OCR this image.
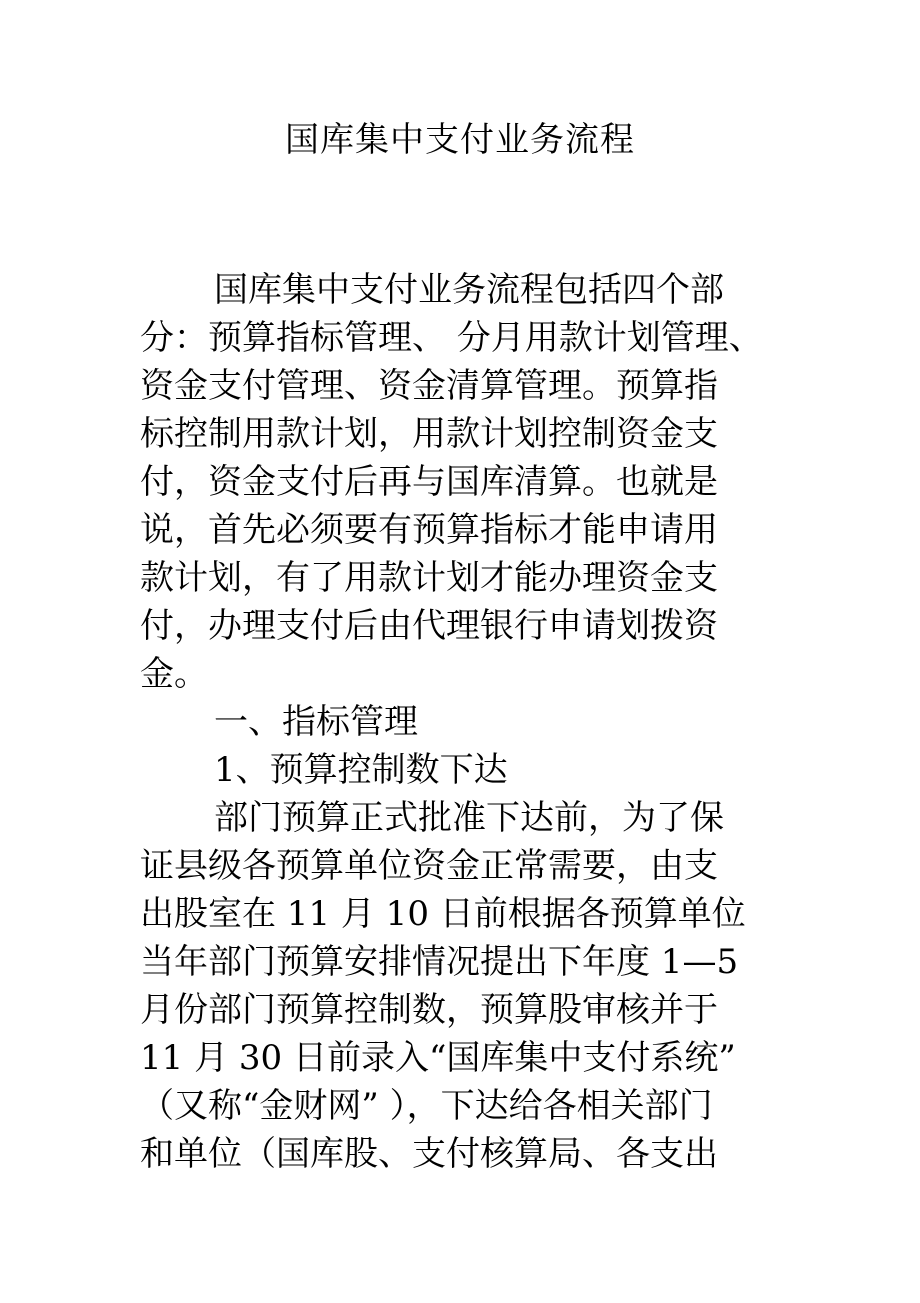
国库集中支付业务流程

国库集中支付业务流程包括四个部

分：预算指标管理、 分月用款计划管理、

资金支付管理、资金清算管理。预算指

标控制用款计划，用款计划控制资金支

付，资金支付后再与国库清算。也就是

说，首先必须要有预算指标才能申请用

款计划，有了用款计划才能办理资金支

付，办理支付后由代理银行申请划拨资

金。

一、指标管理

1、预算控制数下达

部门预算正式批准下达前，为了保

证县级各预算单位资金正常需要，由支

出股室在 11 月 10 日前根据各预算单位

当年部门预算安排情况提出下年度 1—5

月份部门预算控制数，预算股审核并于

11 月 30 日前录入“国库集中支付系统”

（又称“金财网” ），下达给各相关部门

和单位（国库股、支付核算局、各支出
